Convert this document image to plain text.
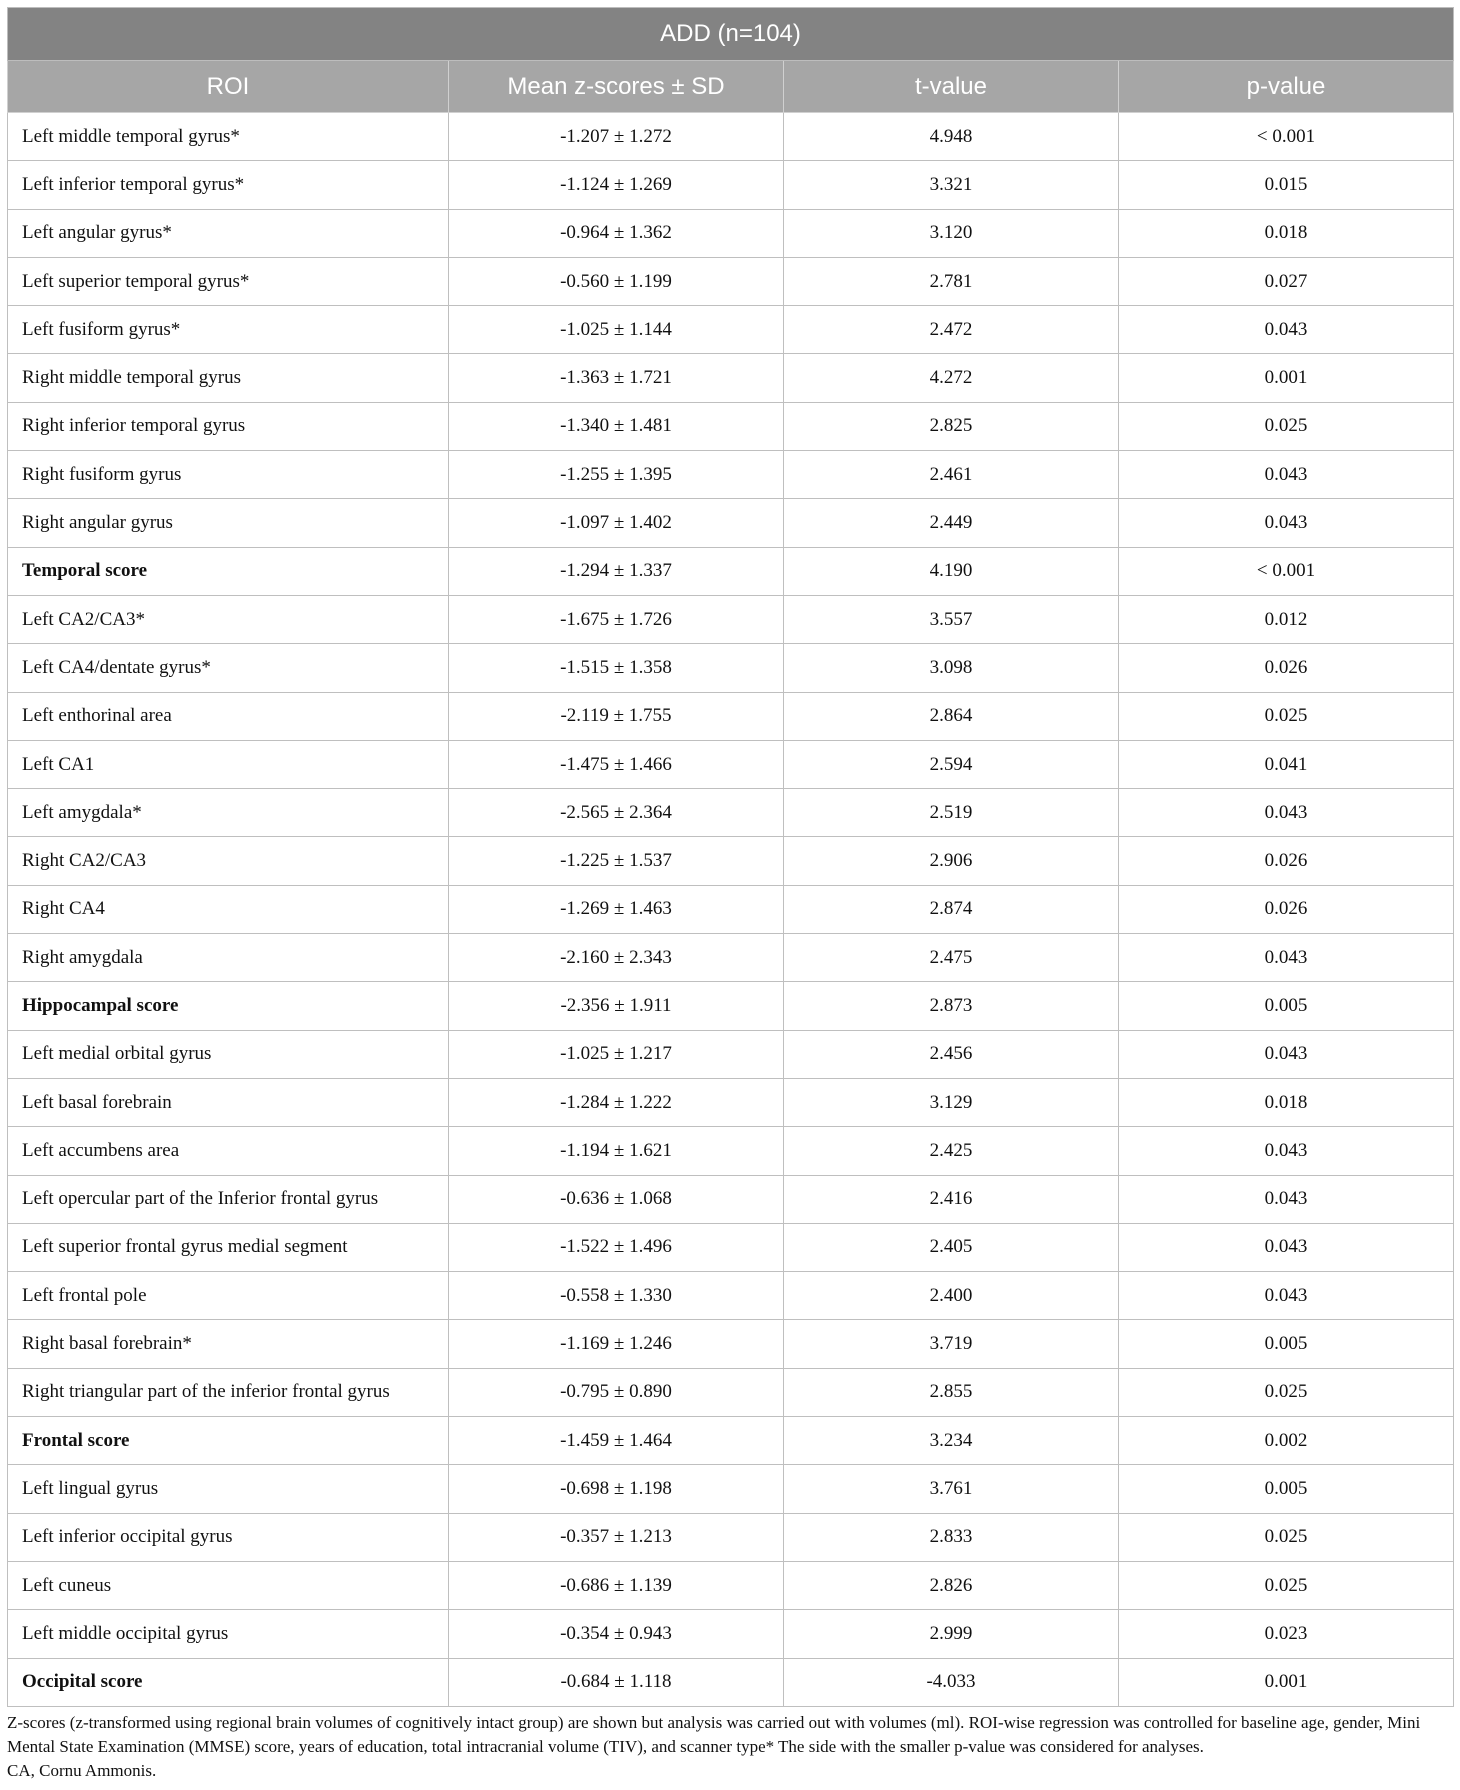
ADD (n=104)			
ROI	Mean z-scores ± SD	t-value	p-value
Left middle temporal gyrus*	-1.207 ± 1.272	4.948	< 0.001
Left inferior temporal gyrus*	-1.124 ± 1.269	3.321	0.015
Left angular gyrus*	-0.964 ± 1.362	3.120	0.018
Left superior temporal gyrus*	-0.560 ± 1.199	2.781	0.027
Left fusiform gyrus*	-1.025 ± 1.144	2.472	0.043
Right middle temporal gyrus	-1.363 ± 1.721	4.272	0.001
Right inferior temporal gyrus	-1.340 ± 1.481	2.825	0.025
Right fusiform gyrus	-1.255 ± 1.395	2.461	0.043
Right angular gyrus	-1.097 ± 1.402	2.449	0.043
Temporal score	-1.294 ± 1.337	4.190	< 0.001
Left CA2/CA3*	-1.675 ± 1.726	3.557	0.012
Left CA4/dentate gyrus*	-1.515 ± 1.358	3.098	0.026
Left enthorinal area	-2.119 ± 1.755	2.864	0.025
Left CA1	-1.475 ± 1.466	2.594	0.041
Left amygdala*	-2.565 ± 2.364	2.519	0.043
Right CA2/CA3	-1.225 ± 1.537	2.906	0.026
Right CA4	-1.269 ± 1.463	2.874	0.026
Right amygdala	-2.160 ± 2.343	2.475	0.043
Hippocampal score	-2.356 ± 1.911	2.873	0.005
Left medial orbital gyrus	-1.025 ± 1.217	2.456	0.043
Left basal forebrain	-1.284 ± 1.222	3.129	0.018
Left accumbens area	-1.194 ± 1.621	2.425	0.043
Left opercular part of the Inferior frontal gyrus	-0.636 ± 1.068	2.416	0.043
Left superior frontal gyrus medial segment	-1.522 ± 1.496	2.405	0.043
Left frontal pole	-0.558 ± 1.330	2.400	0.043
Right basal forebrain*	-1.169 ± 1.246	3.719	0.005
Right triangular part of the inferior frontal gyrus	-0.795 ± 0.890	2.855	0.025
Frontal score	-1.459 ± 1.464	3.234	0.002
Left lingual gyrus	-0.698 ± 1.198	3.761	0.005
Left inferior occipital gyrus	-0.357 ± 1.213	2.833	0.025
Left cuneus	-0.686 ± 1.139	2.826	0.025
Left middle occipital gyrus	-0.354 ± 0.943	2.999	0.023
Occipital score	-0.684 ± 1.118	-4.033	0.001

Z-scores (z-transformed using regional brain volumes of cognitively intact group) are shown but analysis was carried out with volumes (ml). ROI-wise regression was controlled for baseline age, gender, Mini Mental State Examination (MMSE) score, years of education, total intracranial volume (TIV), and scanner type* The side with the smaller p-value was considered for analyses.

CA, Cornu Ammonis.
